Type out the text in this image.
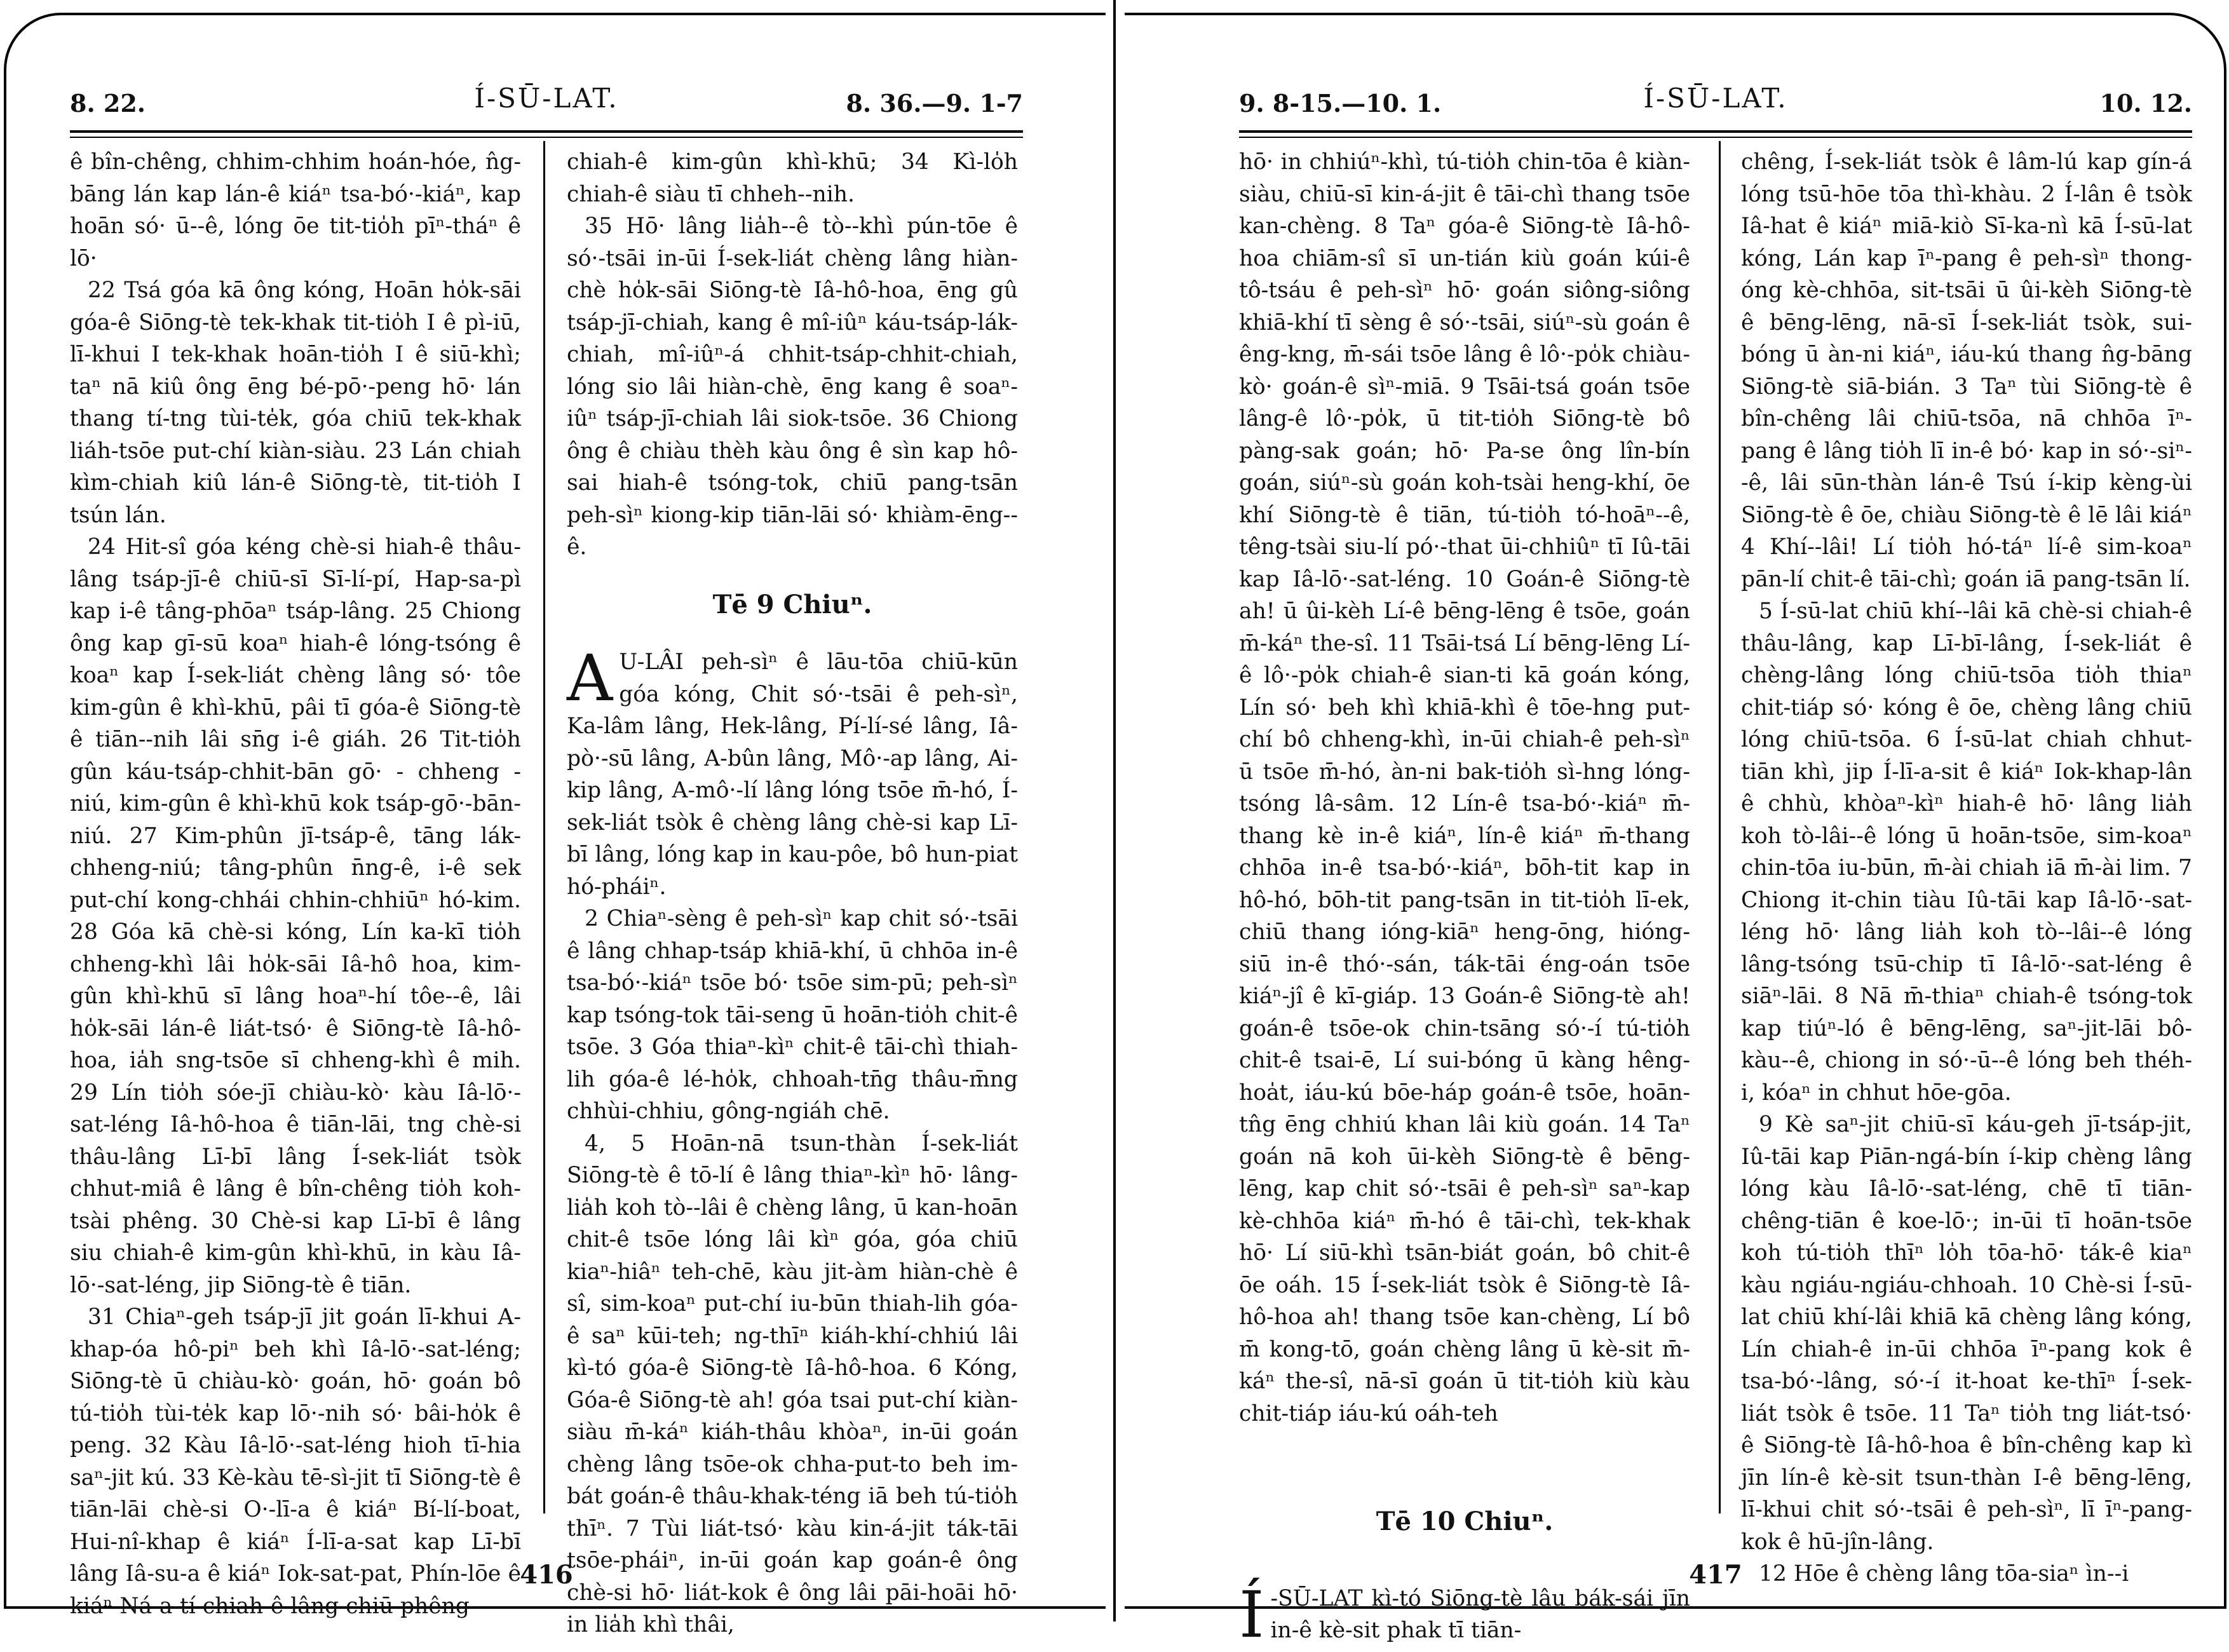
8. 22.	Í-SŪ-LAT.	8. 36.—9. 1-7

ê bîn-chêng, chhim-chhim hoán-hóe, n̂g-bāng lán kap lán-ê kiáⁿ tsa-bó·-kiáⁿ, kap hoān só· ū--ê, lóng ōe tit-tio̍h pīⁿ-tháⁿ ê lō·

22 Tsá góa kā ông kóng, Hoān ho̍k-sāi góa-ê Siōng-tè tek-khak tit-tio̍h I ê pì-iū, lī-khui I tek-khak hoān-tio̍h I ê siū-khì; taⁿ nā kiû ông ēng bé-pō·-peng hō· lán thang tí-tng tùi-te̍k, góa chiū tek-khak liáh-tsōe put-chí kiàn-siàu. 23 Lán chiah kìm-chiah kiû lán-ê Siōng-tè, tit-tio̍h I tsún lán.

24 Hit-sî góa kéng chè-si hiah-ê thâu-lâng tsáp-jī-ê chiū-sī Sī-lí-pí, Hap-sa-pì kap i-ê tâng-phōaⁿ tsáp-lâng. 25 Chiong ông kap gī-sū koaⁿ hiah-ê lóng-tsóng ê koaⁿ kap Í-sek-liát chèng lâng só· tôe kim-gûn ê khì-khū, pâi tī góa-ê Siōng-tè ê tiān--nih lâi sn̄g i-ê giáh. 26 Tit-tio̍h gûn káu-tsáp-chhit-bān gō· - chheng - niú, kim-gûn ê khì-khū kok tsáp-gō·-bān-niú. 27 Kim-phûn jī-tsáp-ê, tāng lák-chheng-niú; tâng-phûn n̄ng-ê, i-ê sek put-chí kong-chhái chhin-chhiūⁿ hó-kim. 28 Góa kā chè-si kóng, Lín ka-kī tio̍h chheng-khì lâi ho̍k-sāi Iâ-hô hoa, kim-gûn khì-khū sī lâng hoaⁿ-hí tôe--ê, lâi ho̍k-sāi lán-ê liát-tsó· ê Siōng-tè Iâ-hô-hoa, ia̍h sng-tsōe sī chheng-khì ê mih. 29 Lín tio̍h sóe-jī chiàu-kò· kàu Iâ-lō·-sat-léng Iâ-hô-hoa ê tiān-lāi, tng chè-si thâu-lâng Lī-bī lâng Í-sek-liát tsòk chhut-miâ ê lâng ê bîn-chêng tio̍h koh-tsài phêng. 30 Chè-si kap Lī-bī ê lâng siu chiah-ê kim-gûn khì-khū, in kàu Iâ-lō·-sat-léng, jip Siōng-tè ê tiān.

31 Chiaⁿ-geh tsáp-jī jit goán lī-khui A-khap-óa hô-piⁿ beh khì Iâ-lō·-sat-léng; Siōng-tè ū chiàu-kò· goán, hō· goán bô tú-tio̍h tùi-te̍k kap lō·-nih só· bâi-ho̍k ê peng. 32 Kàu Iâ-lō·-sat-léng hioh tī-hia saⁿ-jit kú. 33 Kè-kàu tē-sì-jit tī Siōng-tè ê tiān-lāi chè-si O·-lī-a ê kiáⁿ Bí-lí-boat, Hui-nî-khap ê kiáⁿ Í-lī-a-sat kap Lī-bī lâng Iâ-su-a ê kiáⁿ Iok-sat-pat, Phín-lōe ê kiáⁿ Ná-a-tí chiah-ê lâng chiū phêng

chiah-ê kim-gûn khì-khū; 34 Kì-lo̍h chiah-ê siàu tī chheh--nih.

35 Hō· lâng lia̍h--ê tò--khì pún-tōe ê só·-tsāi in-ūi Í-sek-liát chèng lâng hiàn-chè ho̍k-sāi Siōng-tè Iâ-hô-hoa, ēng gû tsáp-jī-chiah, kang ê mî-iûⁿ káu-tsáp-lák-chiah, mî-iûⁿ-á chhit-tsáp-chhit-chiah, lóng sio lâi hiàn-chè, ēng kang ê soaⁿ-iûⁿ tsáp-jī-chiah lâi siok-tsōe. 36 Chiong ông ê chiàu thèh kàu ông ê sìn kap hô-sai hiah-ê tsóng-tok, chiū pang-tsān peh-sìⁿ kiong-kip tiān-lāi só· khiàm-ēng--ê.

Tē 9 Chiuⁿ.

A U-LÂI peh-sìⁿ ê lāu-tōa chiū-kūn góa kóng, Chit só·-tsāi ê peh-sìⁿ, Ka-lâm lâng, Hek-lâng, Pí-lí-sé lâng, Iâ-pò·-sū lâng, A-bûn lâng, Mô·-ap lâng, Ai-kip lâng, A-mô·-lí lâng lóng tsōe m̄-hó, Í-sek-liát tsòk ê chèng lâng chè-si kap Lī-bī lâng, lóng kap in kau-pôe, bô hun-piat hó-pháiⁿ.

2 Chiaⁿ-sèng ê peh-sìⁿ kap chit só·-tsāi ê lâng chhap-tsáp khiā-khí, ū chhōa in-ê tsa-bó·-kiáⁿ tsōe bó· tsōe sim-pū; peh-sìⁿ kap tsóng-tok tāi-seng ū hoān-tio̍h chit-ê tsōe. 3 Góa thiaⁿ-kìⁿ chit-ê tāi-chì thiah-lih góa-ê lé-ho̍k, chhoah-tn̄g thâu-m̄ng chhùi-chhiu, gông-ngiáh chē.

4, 5 Hoān-nā tsun-thàn Í-sek-liát Siōng-tè ê tō-lí ê lâng thiaⁿ-kìⁿ hō· lâng-lia̍h koh tò--lâi ê chèng lâng, ū kan-hoān chit-ê tsōe lóng lâi kìⁿ góa, góa chiū kiaⁿ-hiâⁿ teh-chē, kàu jit-àm hiàn-chè ê sî, sim-koaⁿ put-chí iu-būn thiah-lih góa-ê saⁿ kūi-teh; ng-thīⁿ kiáh-khí-chhiú lâi kì-tó góa-ê Siōng-tè Iâ-hô-hoa. 6 Kóng, Góa-ê Siōng-tè ah! góa tsai put-chí kiàn-siàu m̄-káⁿ kiáh-thâu khòaⁿ, in-ūi goán chèng lâng tsōe-ok chha-put-to beh im-bát goán-ê thâu-khak-téng iā beh tú-tio̍h thīⁿ. 7 Tùi liát-tsó· kàu kin-á-jit ták-tāi tsōe-pháiⁿ, in-ūi goán kap goán-ê ông chè-si hō· liát-kok ê ông lâi pāi-hoāi hō· in lia̍h khì thâi,

416
9. 8-15.—10. 1.	Í-SŪ-LAT.	10. 12.

hō· in chhiúⁿ-khì, tú-tio̍h chin-tōa ê kiàn-siàu, chiū-sī kin-á-jit ê tāi-chì thang tsōe kan-chèng. 8 Taⁿ góa-ê Siōng-tè Iâ-hô-hoa chiām-sî sī un-tián kiù goán kúi-ê tô-tsáu ê peh-sìⁿ hō· goán siông-siông khiā-khí tī sèng ê só·-tsāi, siúⁿ-sù goán ê êng-kng, m̄-sái tsōe lâng ê lô·-po̍k chiàu-kò· goán-ê sìⁿ-miā. 9 Tsāi-tsá goán tsōe lâng-ê lô·-po̍k, ū tit-tio̍h Siōng-tè bô pàng-sak goán; hō· Pa-se ông lîn-bín goán, siúⁿ-sù goán koh-tsài heng-khí, ōe khí Siōng-tè ê tiān, tú-tio̍h tó-hoāⁿ--ê, têng-tsài siu-lí pó·-that ūi-chhiûⁿ tī Iû-tāi kap Iâ-lō·-sat-léng. 10 Goán-ê Siōng-tè ah! ū ûi-kèh Lí-ê bēng-lēng ê tsōe, goán m̄-káⁿ the-sî. 11 Tsāi-tsá Lí bēng-lēng Lí-ê lô·-po̍k chiah-ê sian-ti kā goán kóng, Lín só· beh khì khiā-khì ê tōe-hng put-chí bô chheng-khì, in-ūi chiah-ê peh-sìⁿ ū tsōe m̄-hó, àn-ni bak-tio̍h sì-hng lóng-tsóng lâ-sâm. 12 Lín-ê tsa-bó·-kiáⁿ m̄-thang kè in-ê kiáⁿ, lín-ê kiáⁿ m̄-thang chhōa in-ê tsa-bó·-kiáⁿ, bōh-tit kap in hô-hó, bōh-tit pang-tsān in tit-tio̍h lī-ek, chiū thang ióng-kiāⁿ heng-ōng, hióng-siū in-ê thó·-sán, ták-tāi éng-oán tsōe kiáⁿ-jî ê kī-giáp. 13 Goán-ê Siōng-tè ah! goán-ê tsōe-ok chin-tsāng só·-í tú-tio̍h chit-ê tsai-ē, Lí sui-bóng ū kàng hêng-hoa̍t, iáu-kú bōe-háp goán-ê tsōe, hoān-tn̂g ēng chhiú khan lâi kiù goán. 14 Taⁿ goán nā koh ūi-kèh Siōng-tè ê bēng-lēng, kap chit só·-tsāi ê peh-sìⁿ saⁿ-kap kè-chhōa kiáⁿ m̄-hó ê tāi-chì, tek-khak hō· Lí siū-khì tsān-biát goán, bô chit-ê ōe oáh. 15 Í-sek-liát tsòk ê Siōng-tè Iâ-hô-hoa ah! thang tsōe kan-chèng, Lí bô m̄ kong-tō, goán chèng lâng ū kè-sit m̄-káⁿ the-sî, nā-sī goán ū tit-tio̍h kiù kàu chit-tiáp iáu-kú oáh-teh

Tē 10 Chiuⁿ.

Í -SŪ-LAT kì-tó Siōng-tè lâu bák-sái jīn in-ê kè-sit phak tī tiān-

chêng, Í-sek-liát tsòk ê lâm-lú kap gín-á lóng tsū-hōe tōa thì-khàu. 2 Í-lân ê tsòk Iâ-hat ê kiáⁿ miā-kiò Sī-ka-nì kā Í-sū-lat kóng, Lán kap īⁿ-pang ê peh-sìⁿ thong-óng kè-chhōa, sit-tsāi ū ûi-kèh Siōng-tè ê bēng-lēng, nā-sī Í-sek-liát tsòk, sui-bóng ū àn-ni kiáⁿ, iáu-kú thang n̂g-bāng Siōng-tè siā-bián. 3 Taⁿ tùi Siōng-tè ê bîn-chêng lâi chiū-tsōa, nā chhōa īⁿ-pang ê lâng tio̍h lī in-ê bó· kap in só·-siⁿ--ê, lâi sūn-thàn lán-ê Tsú í-kip kèng-ùi Siōng-tè ê ōe, chiàu Siōng-tè ê lē lâi kiáⁿ 4 Khí--lâi! Lí tio̍h hó-táⁿ lí-ê sim-koaⁿ pān-lí chit-ê tāi-chì; goán iā pang-tsān lí.

5 Í-sū-lat chiū khí--lâi kā chè-si chiah-ê thâu-lâng, kap Lī-bī-lâng, Í-sek-liát ê chèng-lâng lóng chiū-tsōa tio̍h thiaⁿ chit-tiáp só· kóng ê ōe, chèng lâng chiū lóng chiū-tsōa. 6 Í-sū-lat chiah chhut-tiān khì, jip Í-lī-a-sit ê kiáⁿ Iok-khap-lân ê chhù, khòaⁿ-kìⁿ hiah-ê hō· lâng lia̍h koh tò-lâi--ê lóng ū hoān-tsōe, sim-koaⁿ chin-tōa iu-būn, m̄-ài chiah iā m̄-ài lim. 7 Chiong it-chin tiàu Iû-tāi kap Iâ-lō·-sat-léng hō· lâng lia̍h koh tò--lâi--ê lóng lâng-tsóng tsū-chip tī Iâ-lō·-sat-léng ê siāⁿ-lāi. 8 Nā m̄-thiaⁿ chiah-ê tsóng-tok kap tiúⁿ-ló ê bēng-lēng, saⁿ-jit-lāi bô-kàu--ê, chiong in só·-ū--ê lóng beh théh-i, kóaⁿ in chhut hōe-gōa.

9 Kè saⁿ-jit chiū-sī káu-geh jī-tsáp-jit, Iû-tāi kap Piān-ngá-bín í-kip chèng lâng lóng kàu Iâ-lō·-sat-léng, chē tī tiān-chêng-tiān ê koe-lō·; in-ūi tī hoān-tsōe koh tú-tio̍h thīⁿ lo̍h tōa-hō· ták-ê kiaⁿ kàu ngiáu-ngiáu-chhoah. 10 Chè-si Í-sū-lat chiū khí-lâi khiā kā chèng lâng kóng, Lín chiah-ê in-ūi chhōa īⁿ-pang kok ê tsa-bó·-lâng, só·-í it-hoat ke-thīⁿ Í-sek-liát tsòk ê tsōe. 11 Taⁿ tio̍h tng liát-tsó· ê Siōng-tè Iâ-hô-hoa ê bîn-chêng kap kì jīn lín-ê kè-sit tsun-thàn I-ê bēng-lēng, lī-khui chit só·-tsāi ê peh-sìⁿ, lī īⁿ-pang-kok ê hū-jîn-lâng.

12 Hōe ê chèng lâng tōa-siaⁿ ìn--i

417
